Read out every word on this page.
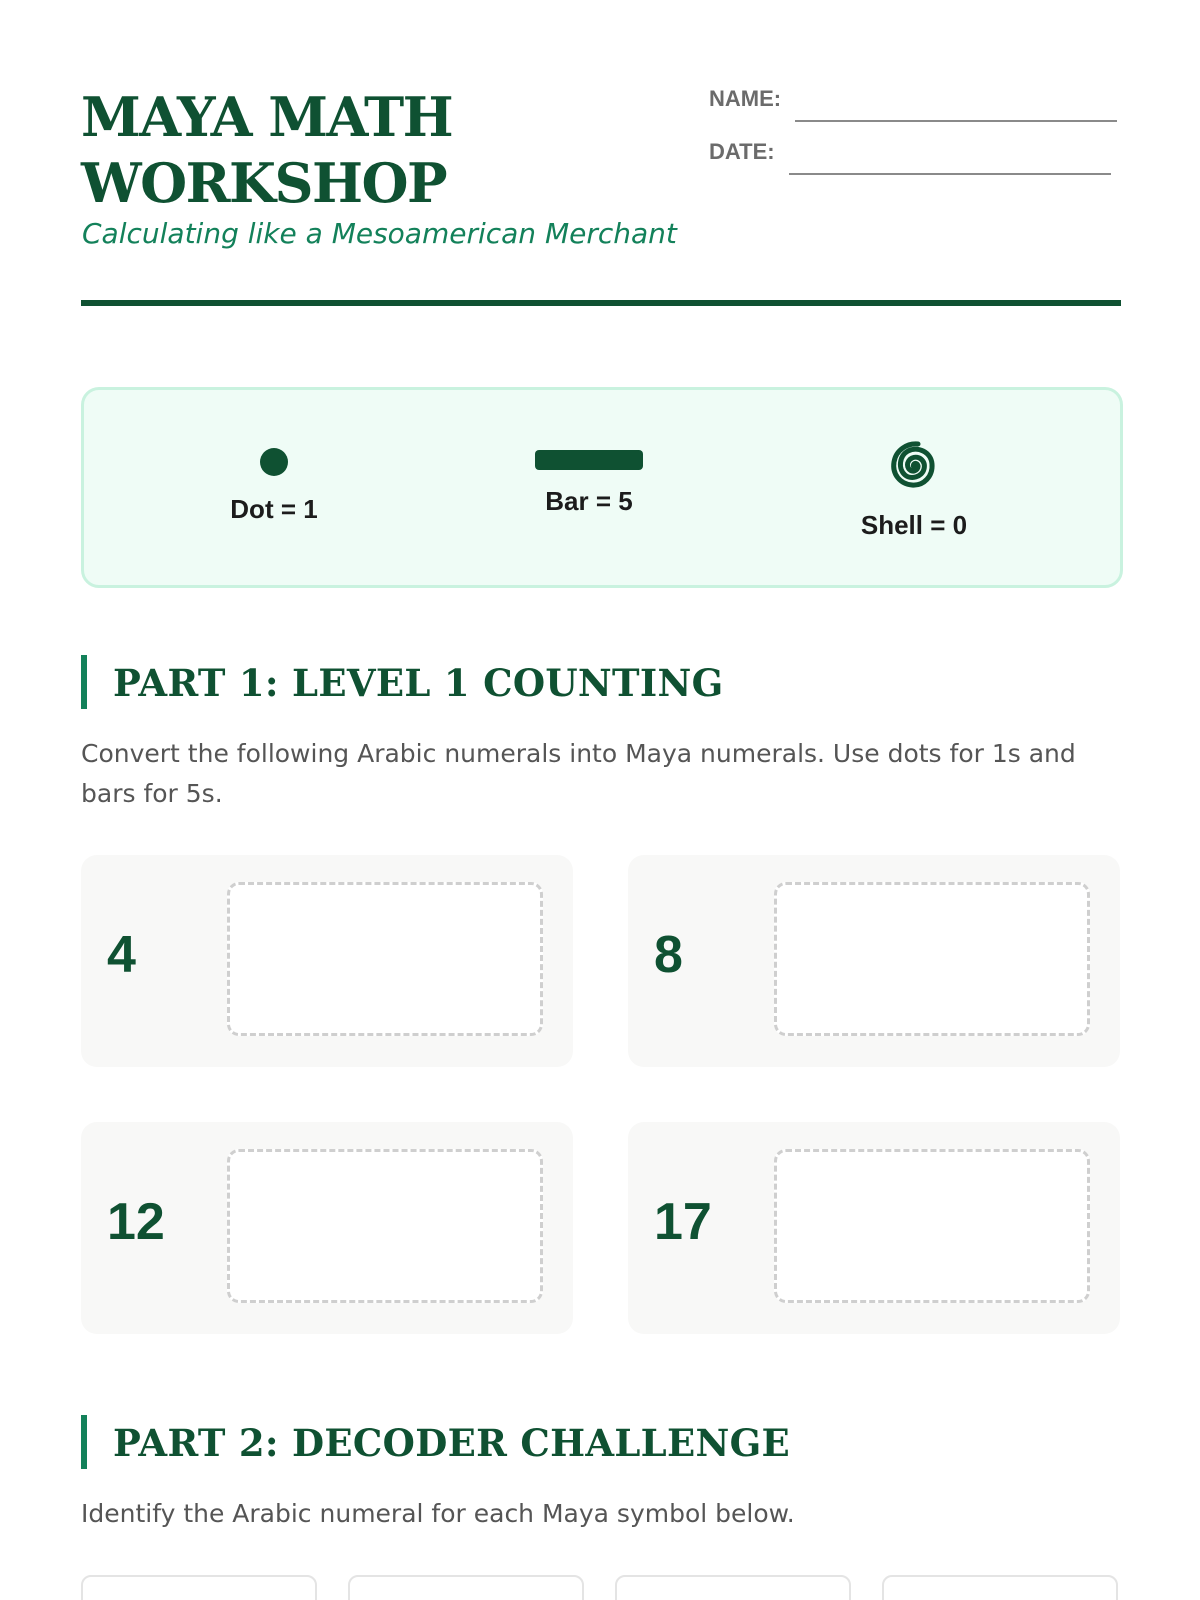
MAYA MATH
WORKSHOP
Calculating like a Mesoamerican Merchant
NAME:
DATE:
Dot = 1	Bar = 5
Shell = 0
PART 1: LEVEL 1 COUNTING

Convert the following Arabic numerals into Maya numerals. Use dots for 1s and bars for 5s.

4	8
12	17
PART 2: DECODER CHALLENGE

Identify the Arabic numeral for each Maya symbol below.
